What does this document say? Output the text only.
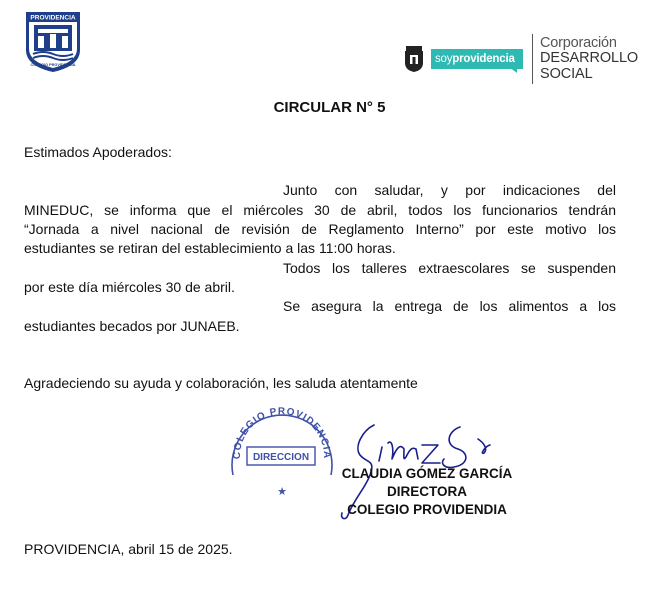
PROVIDENCIA
COLEGIO PROVIDENCIA	soyprovidencia
Corporación
DESARROLLO
SOCIAL
CIRCULAR N° 5
Estimados Apoderados:
Junto con saludar, y por indicaciones del
MINEDUC, se informa que el miércoles 30 de abril, todos los funcionarios tendrán
“Jornada a nivel nacional de revisión de Reglamento Interno” por este motivo los
estudiantes se retiran del establecimiento a las 11:00 horas.
Todos los talleres extraescolares se suspenden
por este día miércoles 30 de abril.
Se asegura la entrega de los alimentos a los
estudiantes becados por JUNAEB.
Agradeciendo su ayuda y colaboración, les saluda atentamente
COLEGIO PROVIDENCIA
DIRECCION
★
CLAUDIA GÓMEZ GARCÍA
DIRECTORA
COLEGIO PROVIDENDIA
PROVIDENCIA, abril 15 de 2025.
